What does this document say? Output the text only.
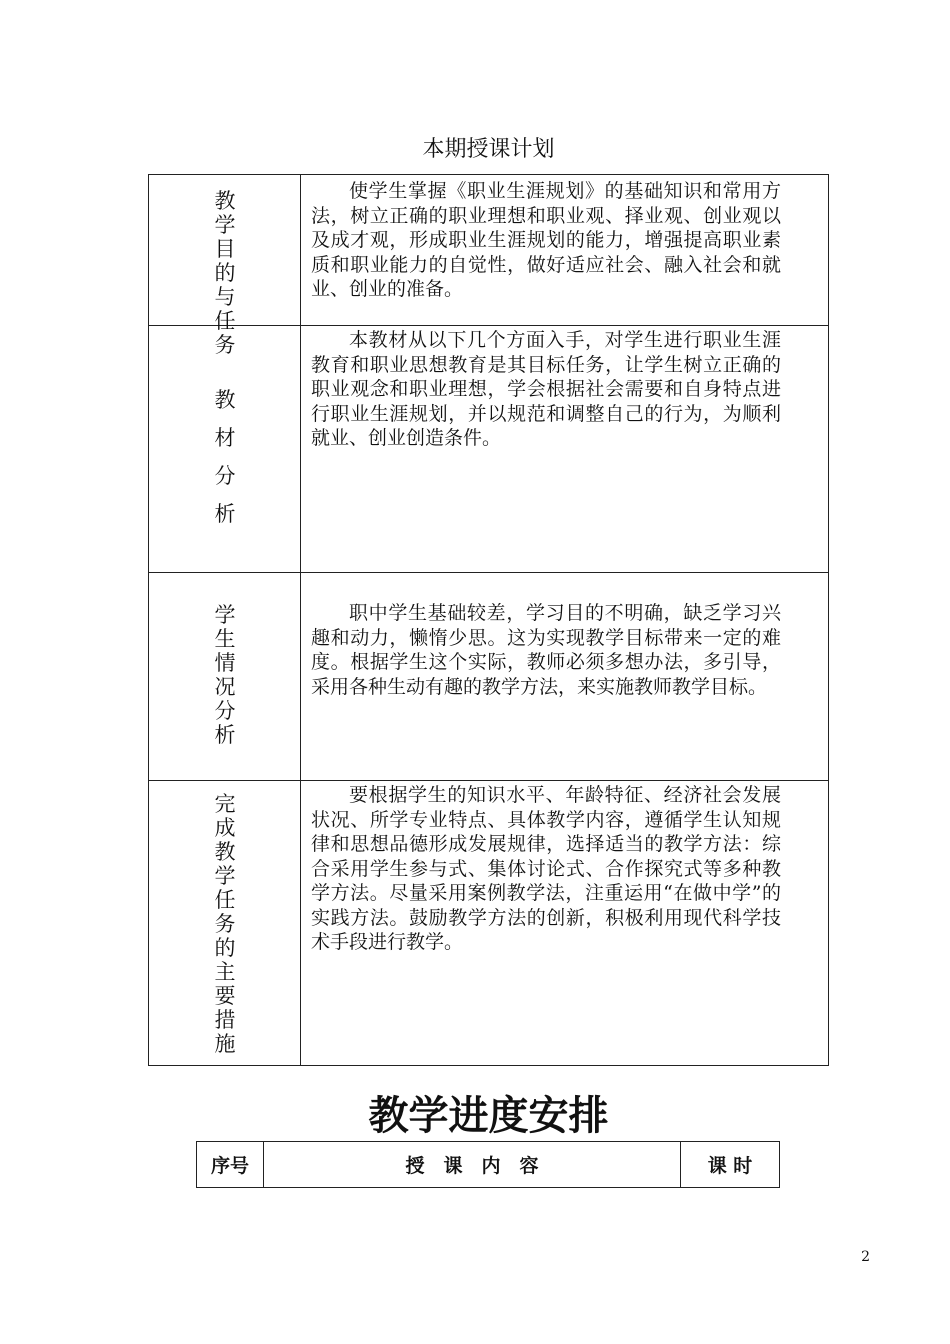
本期授课计划
教
学
目
的
与
任
务

使学生掌握《职业生涯规划》的基础知识和常用方法，树立正确的职业理想和职业观、择业观、创业观以及成才观，形成职业生涯规划的能力，增强提高职业素质和职业能力的自觉性，做好适应社会、融入社会和就业、创业的准备。

教
材
分
析

本教材从以下几个方面入手，对学生进行职业生涯教育和职业思想教育是其目标任务，让学生树立正确的职业观念和职业理想，学会根据社会需要和自身特点进行职业生涯规划，并以规范和调整自己的行为，为顺利就业、创业创造条件。

学
生
情
况
分
析

职中学生基础较差，学习目的不明确，缺乏学习兴趣和动力，懒惰少思。这为实现教学目标带来一定的难度。根据学生这个实际，教师必须多想办法，多引导，采用各种生动有趣的教学方法，来实施教师教学目标。

完
成
教
学
任
务
的
主
要
措
施

要根据学生的知识水平、年龄特征、经济社会发展状况、所学专业特点、具体教学内容，遵循学生认知规律和思想品德形成发展规律，选择适当的教学方法：综合采用学生参与式、集体讨论式、合作探究式等多种教学方法。尽量采用案例教学法，注重运用“在做中学”的实践方法。鼓励教学方法的创新，积极利用现代科学技术手段进行教学。

教学进度安排
序号	授　课　内　容	课 时
2
